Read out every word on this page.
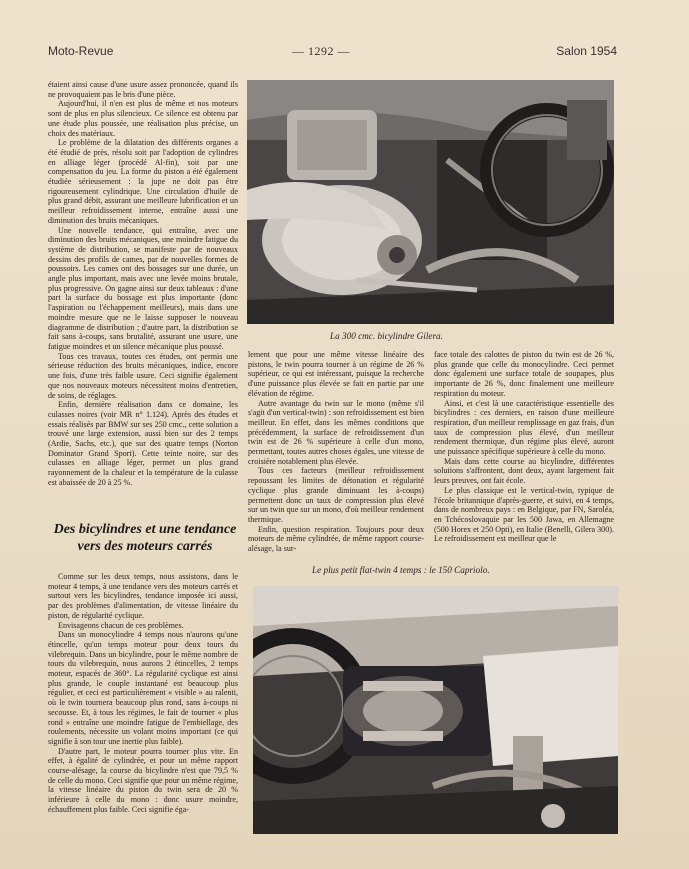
Moto-Revue	— 1292 —	Salon 1954

étaient ainsi cause d'une usure assez prononcée, quand ils ne provoquaient pas le bris d'une pièce.

Aujourd'hui, il n'en est plus de même et nos moteurs sont de plus en plus silencieux. Ce silence est obtenu par une étude plus poussée, une réalisation plus précise, un choix des matériaux.

Le problème de la dilatation des différents organes a été étudié de près, résolu soit par l'adoption de cylindres en alliage léger (procédé Al-fin), soit par une compensation du jeu. La forme du piston a été également étudiée sérieusement : la jupe ne doit pas être rigoureusement cylindrique. Une circulation d'huile de plus grand débit, assurant une meilleure lubrification et un meilleur refroidissement interne, entraîne aussi une diminution des bruits mécaniques.

Une nouvelle tendance, qui entraîne, avec une diminution des bruits mécaniques, une moindre fatigue du système de distribution, se manifeste par de nouveaux dessins des profils de cames, par de nouvelles formes de poussoirs. Les cames ont des bossages sur une durée, un angle plus important, mais avec une levée moins brutale, plus progressive. On gagne ainsi sur deux tableaux : d'une part la surface du bossage est plus importante (donc l'aspiration ou l'échappement meilleurs), mais dans une moindre mesure que ne le laisse supposer le nouveau diagramme de distribution ; d'autre part, la distribution se fait sans à-coups, sans brutalité, assurant une usure, une fatigue moindres et un silence mécanique plus poussé.

Tous ces travaux, toutes ces études, ont permis une sérieuse réduction des bruits mécaniques, indice, encore une fois, d'une très faible usure. Ceci signifie également que nos nouveaux moteurs nécessitent moins d'entretien, de soins, de réglages.

Enfin, dernière réalisation dans ce domaine, les culasses noires (voir MR n° 1.124). Après des études et essais réalisés par BMW sur ses 250 cmc., cette solution a trouvé une large extension, aussi bien sur des 2 temps (Ardie, Sachs, etc.), que sur des quatre temps (Norton Dominator Grand Sport). Cette teinte noire, sur des culasses en alliage léger, permet un plus grand rayonnement de la chaleur et la température de la culasse est abaissée de 20 à 25 %.

Des bicylindres et une tendance vers des moteurs carrés

Comme sur les deux temps, nous assistons, dans le moteur 4 temps, à une tendance vers des moteurs carrés et surtout vers les bicylindres, tendance imposée ici aussi, par des problèmes d'alimentation, de vitesse linéaire du piston, de régularité cyclique.

Envisageons chacun de ces problèmes.

Dans un monocylindre 4 temps nous n'aurons qu'une étincelle, qu'un temps moteur pour deux tours du vilebrequin. Dans un bicylindre, pour le même nombre de tours du vilebrequin, nous aurons 2 étincelles, 2 temps moteur, espacés de 360°. La régularité cyclique est ainsi plus grande, le couple instantané est beaucoup plus régulier, et ceci est particulièrement « visible » au ralenti, où le twin tournera beaucoup plus rond, sans à-coups ni secousse. Et, à tous les régimes, le fait de tourner « plus rond » entraîne une moindre fatigue de l'embiellage, des roulements, nécessite un volant moins important (ce qui signifie à son tour une inertie plus faible).

D'autre part, le moteur pourra tourner plus vite. En effet, à égalité de cylindrée, et pour un même rapport course-alésage, la course du bicylindre n'est que 79,5 % de celle du mono. Ceci signifie que pour un même régime, la vitesse linéaire du piston du twin sera de 20 % inférieure à celle du mono : donc usure moindre, échauffement plus faible. Ceci signifie éga-

La 300 cmc. bicylindre Gilera.

lement que pour une même vitesse linéaire des pistons, le twin pourra tourner à un régime de 26 % supérieur, ce qui est intéressant, puisque la recherche d'une puissance plus élevée se fait en partie par une élévation de régime.

Autre avantage du twin sur le mono (même s'il s'agit d'un vertical-twin) : son refroidissement est bien meilleur. En effet, dans les mêmes conditions que précédemment, la surface de refroidissement d'un twin est de 26 % supérieure à celle d'un mono, permettant, toutes autres choses égales, une vitesse de croisière notablement plus élevée.

Tous ces facteurs (meilleur refroidissement repoussant les limites de détonation et régularité cyclique plus grande diminuant les à-coups) permettent donc un taux de compression plus élevé sur un twin que sur un mono, d'où meilleur rendement thermique.

Enfin, question respiration. Toujours pour deux moteurs de même cylindrée, de même rapport course-alésage, la sur-

face totale des calottes de piston du twin est de 26 %, plus grande que celle du monocylindre. Ceci permet donc également une surface totale de soupapes, plus importante de 26 %, donc finalement une meilleure respiration du moteur.

Ainsi, et c'est là une caractéristique essentielle des bicylindres : ces derniers, en raison d'une meilleure respiration, d'un meilleur remplissage en gaz frais, d'un taux de compression plus élevé, d'un meilleur rendement thermique, d'un régime plus élevé, auront une puissance spécifique supérieure à celle du mono.

Mais dans cette course au bicylindre, différentes solutions s'affrontent, dont deux, ayant largement fait leurs preuves, ont fait école.

Le plus classique est le vertical-twin, typique de l'école britannique d'après-guerre, et suivi, en 4 temps, dans de nombreux pays : en Belgique, par FN, Saroléa, en Tchécoslovaquie par les 500 Jawa, en Allemagne (500 Horex et 250 Opti), en Italie (Benelli, Gilera 300). Le refroidissement est meilleur que le

Le plus petit flat-twin 4 temps : le 150 Capriolo.
